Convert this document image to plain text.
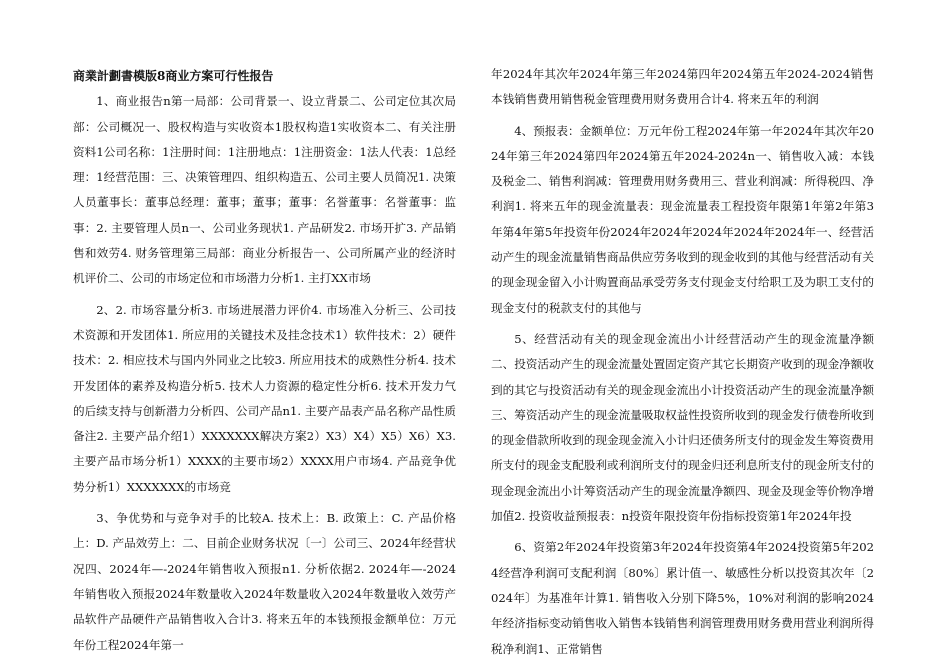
商業計劃書模版8商业方案可行性报告

1、商业报告n第一局部：公司背景一、设立背景二、公司定位其次局部：公司概况一、股权构造与实收资本1股权构造1实收资本二、有关注册资料1公司名称：1注册时间：1注册地点：1注册资金：1法人代表：1总经理：1经营范围：三、决策管理四、组织构造五、公司主要人员简况1. 决策人员董事长：董事总经理：董事；董事；董事：名誉董事：名誉董事：监事：2. 主要管理人员n一、公司业务现状1. 产品研发2. 市场开扩3. 产品销售和效劳4. 财务管理第三局部：商业分析报告一、公司所属产业的经济时机评价二、公司的市场定位和市场潜力分析1. 主打XX市场

2、2. 市场容量分析3. 市场进展潜力评价4. 市场准入分析三、公司技术资源和开发团体1. 所应用的关键技术及挂念技术1）软件技术：2）硬件技术：2. 相应技术与国内外同业之比较3. 所应用技术的成熟性分析4. 技术开发团体的素养及构造分析5. 技术人力资源的稳定性分析6. 技术开发力气的后续支持与创新潜力分析四、公司产品n1. 主要产品表产品名称产品性质备注2. 主要产品介绍1）XXXXXXX解决方案2）X3）X4）X5）X6）X3. 主要产品市场分析1）XXXX的主要市场2）XXXX用户市场4. 产品竞争优势分析1）XXXXXXX的市场竞

3、争优势和与竞争对手的比较A. 技术上：B. 政策上：C. 产品价格上：D. 产品效劳上：二、目前企业财务状况〔一〕公司三、2024年经营状况四、2024年—-2024年销售收入预报n1. 分析依据2. 2024年—-2024年销售收入预报2024年数量收入2024年数量收入2024年数量收入效劳产品软件产品硬件产品销售收入合计3. 将来五年的本钱预报金额单位：万元年份工程2024年第一

年2024年其次年2024年第三年2024第四年2024第五年2024-2024销售本钱销售费用销售税金管理费用财务费用合计4. 将来五年的利润

4、预报表：金额单位：万元年份工程2024年第一年2024年其次年2024年第三年2024第四年2024第五年2024-2024n一、销售收入减：本钱及税金二、销售利润减：管理费用财务费用三、营业利润减：所得税四、净利润1. 将来五年的现金流量表：现金流量表工程投资年限第1年第2年第3年第4年第5年投资年份2024年2024年2024年2024年2024年一、经营活动产生的现金流量销售商品供应劳务收到的现金收到的其他与经营活动有关的现金现金留入小计购置商品承受劳务支付现金支付给职工及为职工支付的现金支付的税款支付的其他与

5、经营活动有关的现金现金流出小计经营活动产生的现金流量净额二、投资活动产生的现金流量处置固定资产其它长期资产收到的现金净额收到的其它与投资活动有关的现金现金流出小计投资活动产生的现金流量净额三、筹资活动产生的现金流量吸取权益性投资所收到的现金发行债卷所收到的现金借款所收到的现金现金流入小计归还债务所支付的现金发生筹资费用所支付的现金支配股利或利润所支付的现金归还利息所支付的现金所支付的现金现金流出小计筹资活动产生的现金流量净额四、现金及现金等价物净增加值2. 投资收益预报表：n投资年限投资年份指标投资第1年2024年投

6、资第2年2024年投资第3年2024年投资第4年2024投资第5年2024经营净利润可支配利润〔80%〕累计值一、敏感性分析以投资其次年〔2024年〕为基准年计算1. 销售收入分别下降5%，10%对利润的影响2024年经济指标变动销售收入销售本钱销售利润管理费用财务费用营业利润所得税净利润1、正常销售
